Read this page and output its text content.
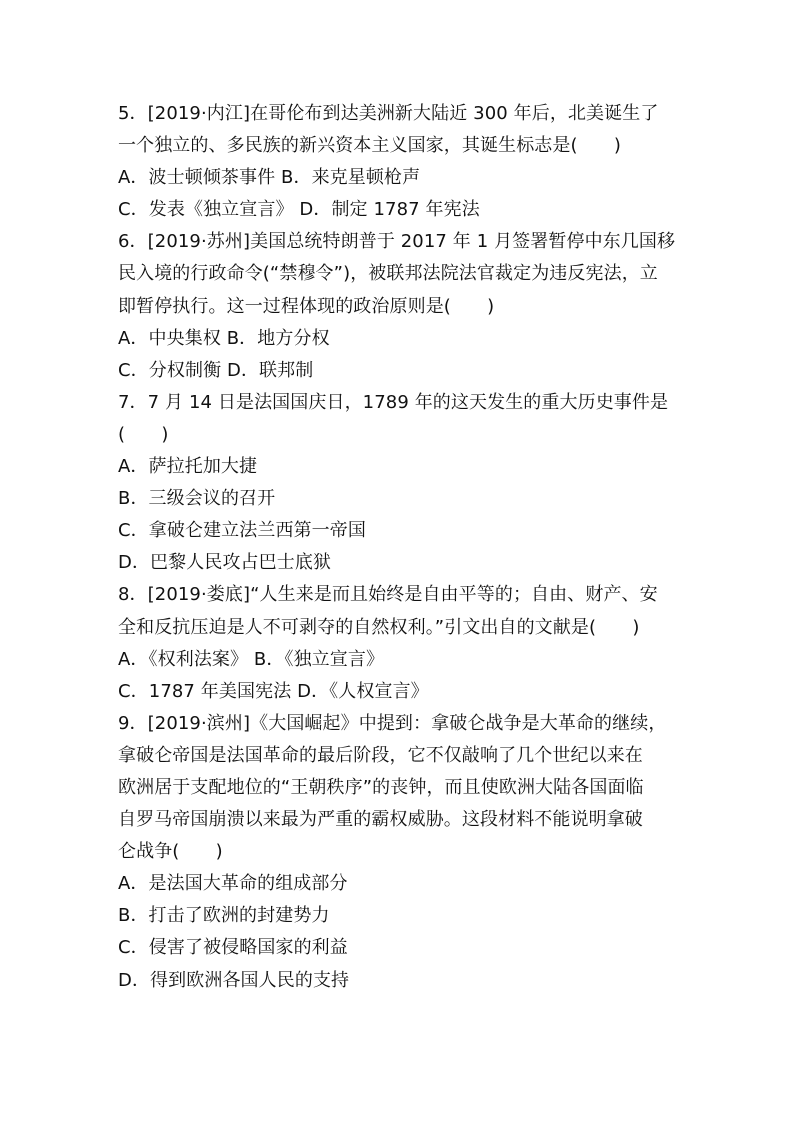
5．[2019·内江]在哥伦布到达美洲新大陆近 300 年后，北美诞生了
一个独立的、多民族的新兴资本主义国家，其诞生标志是(　　)
A．波士顿倾茶事件 B．来克星顿枪声
C．发表《独立宣言》 D．制定 1787 年宪法
6．[2019·苏州]美国总统特朗普于 2017 年 1 月签署暂停中东几国移
民入境的行政命令(“禁穆令”)，被联邦法院法官裁定为违反宪法，立
即暂停执行。这一过程体现的政治原则是(　　)
A．中央集权 B．地方分权
C．分权制衡 D．联邦制
7．7 月 14 日是法国国庆日，1789 年的这天发生的重大历史事件是
(　　)
A．萨拉托加大捷
B．三级会议的召开
C．拿破仑建立法兰西第一帝国
D．巴黎人民攻占巴士底狱
8．[2019·娄底]“人生来是而且始终是自由平等的；自由、财产、安
全和反抗压迫是人不可剥夺的自然权利。”引文出自的文献是(　　)
A．《权利法案》 B．《独立宣言》
C．1787 年美国宪法 D．《人权宣言》
9．[2019·滨州]《大国崛起》中提到：拿破仑战争是大革命的继续，
拿破仑帝国是法国革命的最后阶段，它不仅敲响了几个世纪以来在
欧洲居于支配地位的“王朝秩序”的丧钟，而且使欧洲大陆各国面临
自罗马帝国崩溃以来最为严重的霸权威胁。这段材料不能说明拿破
仑战争(　　)
A．是法国大革命的组成部分
B．打击了欧洲的封建势力
C．侵害了被侵略国家的利益
D．得到欧洲各国人民的支持
